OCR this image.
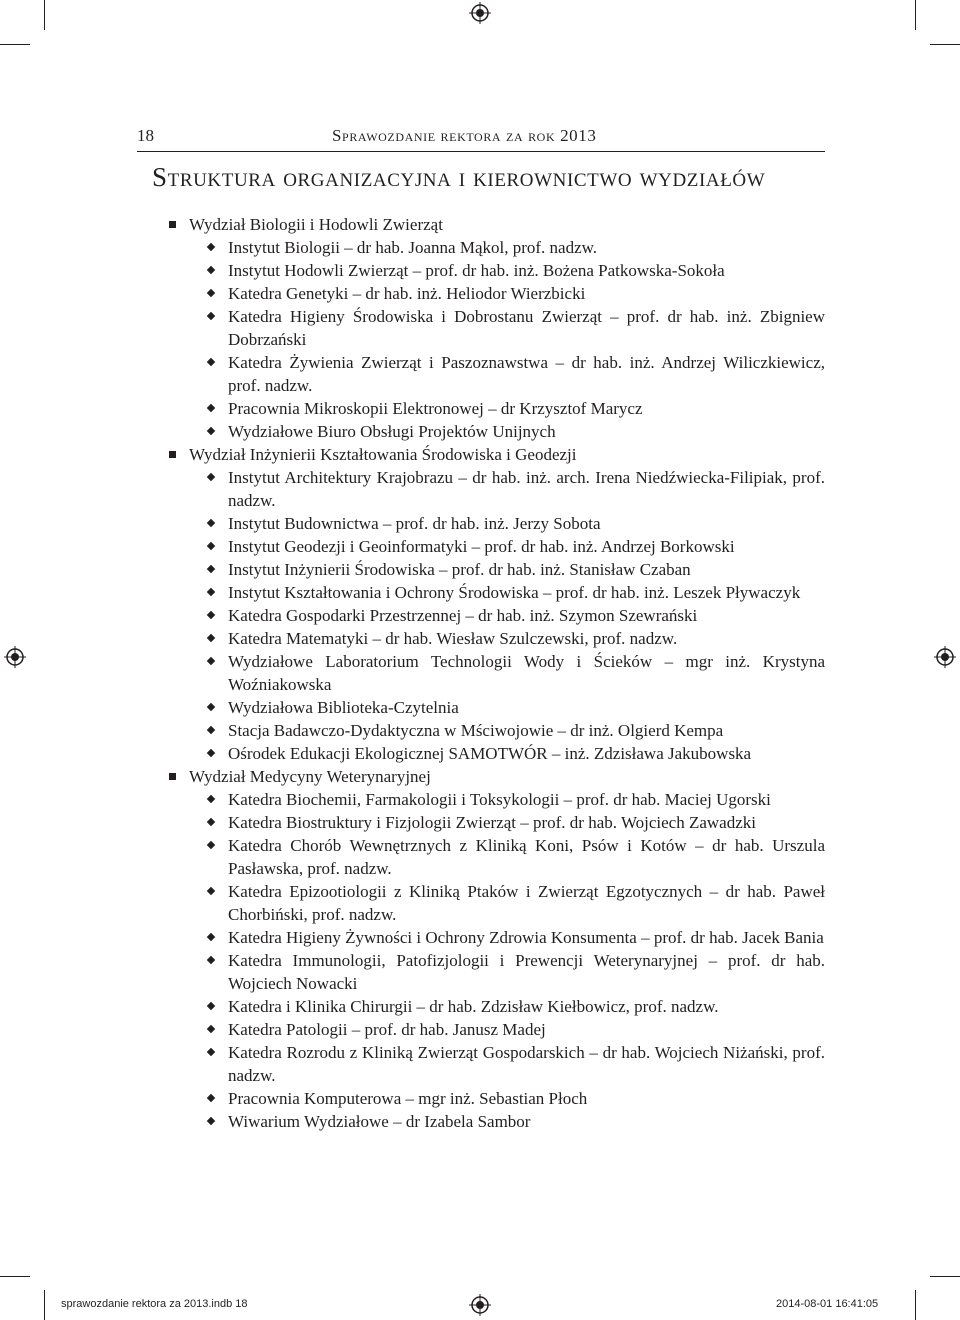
18	Sprawozdanie rektora za rok 2013
Struktura organizacyjna i kierownictwo wydziałów
Wydział Biologii i Hodowli Zwierząt
Instytut Biologii – dr hab. Joanna Mąkol, prof. nadzw.
Instytut Hodowli Zwierząt – prof. dr hab. inż. Bożena Patkowska-Sokoła
Katedra Genetyki – dr hab. inż. Heliodor Wierzbicki
Katedra Higieny Środowiska i Dobrostanu Zwierząt – prof. dr hab. inż. Zbigniew Dobrzański
Katedra Żywienia Zwierząt i Paszoznawstwa – dr hab. inż. Andrzej Wiliczkiewicz, prof. nadzw.
Pracownia Mikroskopii Elektronowej – dr Krzysztof Marycz
Wydziałowe Biuro Obsługi Projektów Unijnych
Wydział Inżynierii Kształtowania Środowiska i Geodezji
Instytut Architektury Krajobrazu – dr hab. inż. arch. Irena Niedźwiecka-Filipiak, prof. nadzw.
Instytut Budownictwa – prof. dr hab. inż. Jerzy Sobota
Instytut Geodezji i Geoinformatyki – prof. dr hab. inż. Andrzej Borkowski
Instytut Inżynierii Środowiska – prof. dr hab. inż. Stanisław Czaban
Instytut Kształtowania i Ochrony Środowiska – prof. dr hab. inż. Leszek Pływaczyk
Katedra Gospodarki Przestrzennej – dr hab. inż. Szymon Szewrański
Katedra Matematyki – dr hab. Wiesław Szulczewski, prof. nadzw.
Wydziałowe Laboratorium Technologii Wody i Ścieków – mgr inż. Krystyna Woźniakowska
Wydziałowa Biblioteka-Czytelnia
Stacja Badawczo-Dydaktyczna w Mściwojowie – dr inż. Olgierd Kempa
Ośrodek Edukacji Ekologicznej SAMOTWÓR – inż. Zdzisława Jakubowska
Wydział Medycyny Weterynaryjnej
Katedra Biochemii, Farmakologii i Toksykologii – prof. dr hab. Maciej Ugorski
Katedra Biostruktury i Fizjologii Zwierząt – prof. dr hab. Wojciech Zawadzki
Katedra Chorób Wewnętrznych z Kliniką Koni, Psów i Kotów – dr hab. Urszula Pasławska, prof. nadzw.
Katedra Epizootiologii z Kliniką Ptaków i Zwierząt Egzotycznych – dr hab. Paweł Chorbiński, prof. nadzw.
Katedra Higieny Żywności i Ochrony Zdrowia Konsumenta – prof. dr hab. Jacek Bania
Katedra Immunologii, Patofizjologii i Prewencji Weterynaryjnej – prof. dr hab. Wojciech Nowacki
Katedra i Klinika Chirurgii – dr hab. Zdzisław Kiełbowicz, prof. nadzw.
Katedra Patologii – prof. dr hab. Janusz Madej
Katedra Rozrodu z Kliniką Zwierząt Gospodarskich – dr hab. Wojciech Niżański, prof. nadzw.
Pracownia Komputerowa – mgr inż. Sebastian Płoch
Wiwarium Wydziałowe – dr Izabela Sambor
sprawozdanie rektora za 2013.indb 18	2014-08-01 16:41:05
